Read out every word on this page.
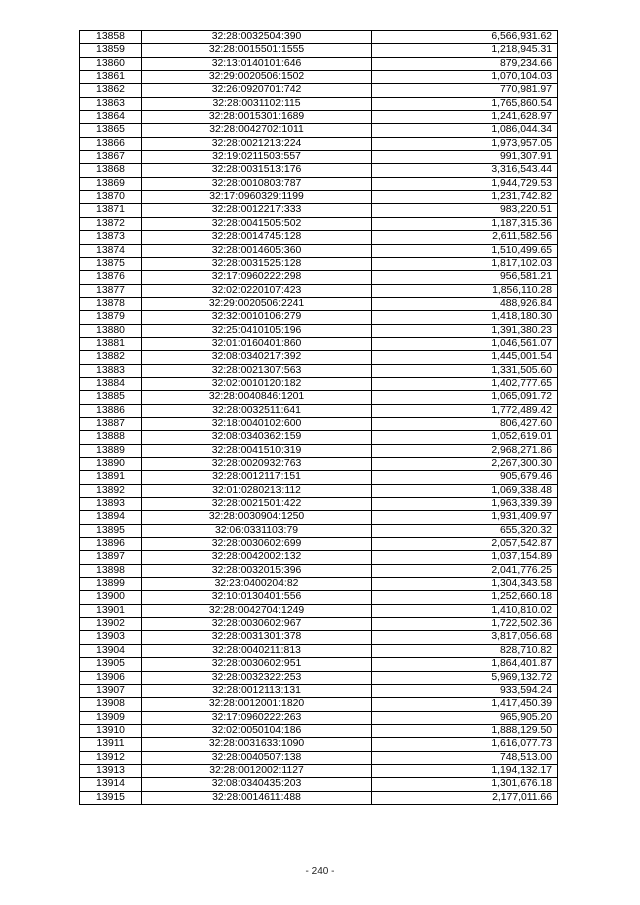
13858	32:28:0032504:390	6,566,931.62
13859	32:28:0015501:1555	1,218,945.31
13860	32:13:0140101:646	879,234.66
13861	32:29:0020506:1502	1,070,104.03
13862	32:26:0920701:742	770,981.97
13863	32:28:0031102:115	1,765,860.54
13864	32:28:0015301:1689	1,241,628.97
13865	32:28:0042702:1011	1,086,044.34
13866	32:28:0021213:224	1,973,957.05
13867	32:19:0211503:557	991,307.91
13868	32:28:0031513:176	3,316,543.44
13869	32:28:0010803:787	1,944,729.53
13870	32:17:0960329:1199	1,231,742.82
13871	32:28:0012217:333	983,220.51
13872	32:28:0041505:502	1,187,315.36
13873	32:28:0014745:128	2,611,582.56
13874	32:28:0014605:360	1,510,499.65
13875	32:28:0031525:128	1,817,102.03
13876	32:17:0960222:298	956,581.21
13877	32:02:0220107:423	1,856,110.28
13878	32:29:0020506:2241	488,926.84
13879	32:32:0010106:279	1,418,180.30
13880	32:25:0410105:196	1,391,380.23
13881	32:01:0160401:860	1,046,561.07
13882	32:08:0340217:392	1,445,001.54
13883	32:28:0021307:563	1,331,505.60
13884	32:02:0010120:182	1,402,777.65
13885	32:28:0040846:1201	1,065,091.72
13886	32:28:0032511:641	1,772,489.42
13887	32:18:0040102:600	806,427.60
13888	32:08:0340362:159	1,052,619.01
13889	32:28:0041510:319	2,968,271.86
13890	32:28:0020932:763	2,267,300.30
13891	32:28:0012117:151	905,679.46
13892	32:01:0280213:112	1,069,338.48
13893	32:28:0021501:422	1,963,339.39
13894	32:28:0030904:1250	1,931,409.97
13895	32:06:0331103:79	655,320.32
13896	32:28:0030602:699	2,057,542.87
13897	32:28:0042002:132	1,037,154.89
13898	32:28:0032015:396	2,041,776.25
13899	32:23:0400204:82	1,304,343.58
13900	32:10:0130401:556	1,252,660.18
13901	32:28:0042704:1249	1,410,810.02
13902	32:28:0030602:967	1,722,502.36
13903	32:28:0031301:378	3,817,056.68
13904	32:28:0040211:813	828,710.82
13905	32:28:0030602:951	1,864,401.87
13906	32:28:0032322:253	5,969,132.72
13907	32:28:0012113:131	933,594.24
13908	32:28:0012001:1820	1,417,450.39
13909	32:17:0960222:263	965,905.20
13910	32:02:0050104:186	1,888,129.50
13911	32:28:0031633:1090	1,616,077.73
13912	32:28:0040507:138	748,513.00
13913	32:28:0012002:1127	1,194,132.17
13914	32:08:0340435:203	1,301,676.18
13915	32:28:0014611:488	2,177,011.66
- 240 -
